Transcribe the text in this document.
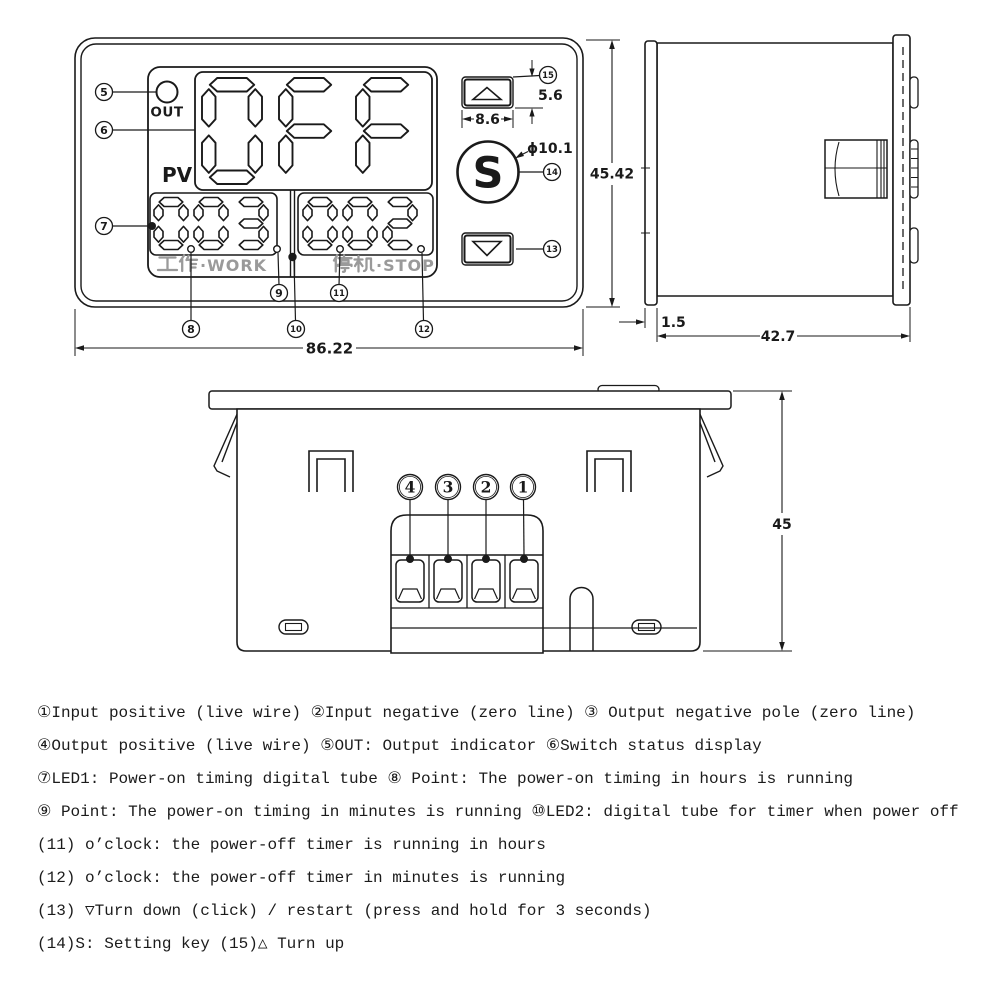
OUT
PV
·WORK	·STOP
S
5
6
7
8
9
10
11
12
13
14
15
86.22
45.42
5.6
8.6
ϕ10.1
1.5
42.7
4 3 2 1
45
①Input positive (live wire) ②Input negative (zero line) ③ Output negative pole (zero line)
④Output positive (live wire) ⑤OUT: Output indicator ⑥Switch status display
⑦LED1: Power-on timing digital tube ⑧ Point: The power-on timing in hours is running
⑨ Point: The power-on timing in minutes is running ⑩LED2: digital tube for timer when power off
(11) o’clock: the power-off timer is running in hours
(12) o’clock: the power-off timer in minutes is running
(13) ▽Turn down (click) / restart (press and hold for 3 seconds)
(14)S: Setting key (15)△ Turn up
